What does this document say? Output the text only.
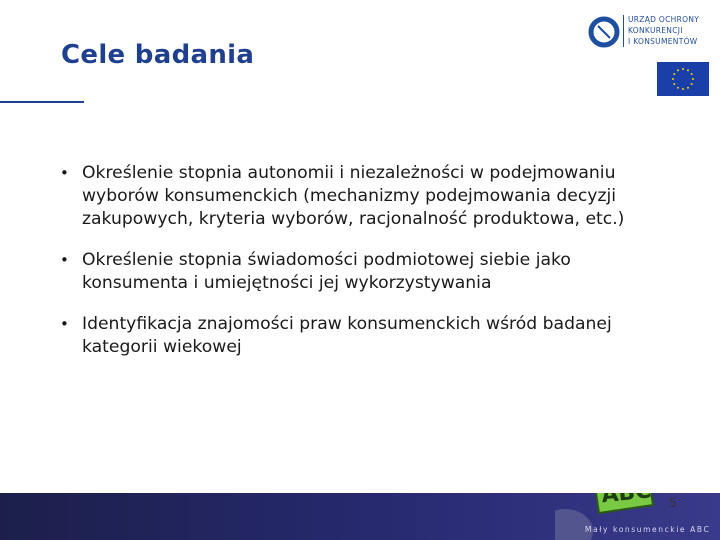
Cele badania
URZĄD OCHRONY
KONKURENCJI
I KONSUMENTÓW
• Określenie stopnia autonomii i niezależności w podejmowaniu wyborów konsumenckich (mechanizmy podejmowania decyzji zakupowych, kryteria wyborów, racjonalność produktowa, etc.)
• Określenie stopnia świadomości podmiotowej siebie jako konsumenta i umiejętności jej wykorzystywania
• Identyfikacja znajomości praw konsumenckich wśród badanej kategorii wiekowej
ABC
Mały konsumenckie ABC
5
